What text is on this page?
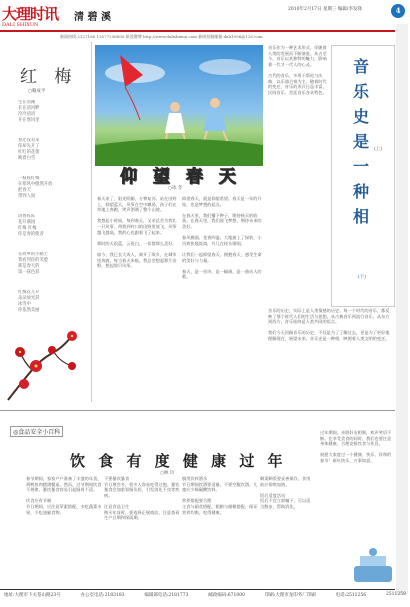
大理时讯
DALI SHIXUN
清 碧 溪
2010年2月17日 星期三 编辑/李发锋	4
新闻热线:2127166 13577256800 新浪微博 http://www.dalishixun.com 新闻投稿邮箱:dali1996@126.com
红 梅
○赖成平
生在清溪
长在清河畔
冷冷清清
开在寒风里
春还没有来
你却先开了
红红的花蕾
映着白雪
一枝枝红梅
在寒风中傲然开放
把春天
带到人间
清香阵阵
花开满园
红梅 红梅
你是春的使者
在故乡的小路上
我看到你的笑脸
那是春天的
第一抹色彩
红梅花儿开
朵朵放光彩
冰雪中
你依然美丽
仰 望 春 天
○冰 冬
春天来了，阳光明媚，万物复苏。站在田野上，仰望蓝天，风筝在空中飘荡，孩子们在草地上奔跑，笑声洒满了整个山坡。

我想起小时候，每到春天，父亲总会为我扎一只风筝，带我到村口的田野里放飞。风筝越飞越高，我的心也跟着飞了起来。

那时的天很蓝，云很白，一切都那么美好。

如今，我已长大成人，离开了故乡，在城市里奔波。每当春天来临，我总会想起那片田野，想起那只风筝。
仰望春天，就是仰望希望。春天是一年的开始，也是梦想的起点。

在春天里，我们播下种子，期待秋天的收获。在春天里，我们放飞梦想，期待未来的美好。

春风拂面，花香四溢。大地披上了绿装，小河欢快地流淌，鸟儿在枝头歌唱。

让我们一起仰望春天，拥抱春天，感受生命的美好与力量。

春天，是一首诗，是一幅画，是一曲动人的歌。
音乐作为一种艺术形式，伴随着人类的发展而不断演进。从古至今，音乐以其独特的魅力，影响着一代又一代人的心灵。

古代的音乐，多用于祭祀与庆典，以乐器合奏为主。随着时代的变迁，音乐的形式日益丰富，民间音乐、宫廷音乐各具特色。
音乐史是一种相
(上)
(下)
音乐的历史，实际上是人类情感的历史。每一个时代的音乐，都反映了那个时代人们的生活与思想。从古典音乐到流行音乐，从东方到西方，音乐始终是人类共同的语言。

我们今天回顾音乐的历史，不仅是为了了解过去，更是为了更好地理解现在，展望未来。音乐史是一种相，映照着人类文明的变迁。
◎食品安全小百科
饮 食 有 度 健 康 过 年
○林 玲
春节期间，家家户户准备了丰盛的年货，鸡鸭鱼肉摆满餐桌。然而，过节期间饮食不规律，暴饮暴食容易引起肠胃不适。

饮食应有节制
节日期间，应注意荤素搭配，多吃蔬菜水果，少吃油腻食物。
不要暴饮暴食
节日聚会多，很多人容易吃得过饱。暴饮暴食会加重胃肠负担，引发消化不良等疾病。

注意食品卫生
购买年货时，要选择正规商店，注意查看生产日期和保质期。
慎用饮料酒水
节日期间饮酒要适量，不要空腹饮酒。儿童应少喝碳酸饮料。

营养搭配要合理
主食与副食搭配，粗粮与细粮搭配，保证营养均衡，吃得健康。
剩菜剩饭要妥善保存，食用前应彻底加热。

饭后适度活动
饭后不宜立即躺下，可以适当散步，帮助消化。
过年期间，亲朋好友相聚，欢声笑语不断。在享受美食的同时，我们也要注意身体健康，合理安排饮食与作息。

祝愿大家度过一个健康、快乐、祥和的春节！新年快乐，万事如意。
地址:大理市下关苍山路23号	办公室电话:2183183	编辑部电话:2181773	邮政编码:671000	印刷:大理市龙印务厂印刷	电话:2511256	2511258
